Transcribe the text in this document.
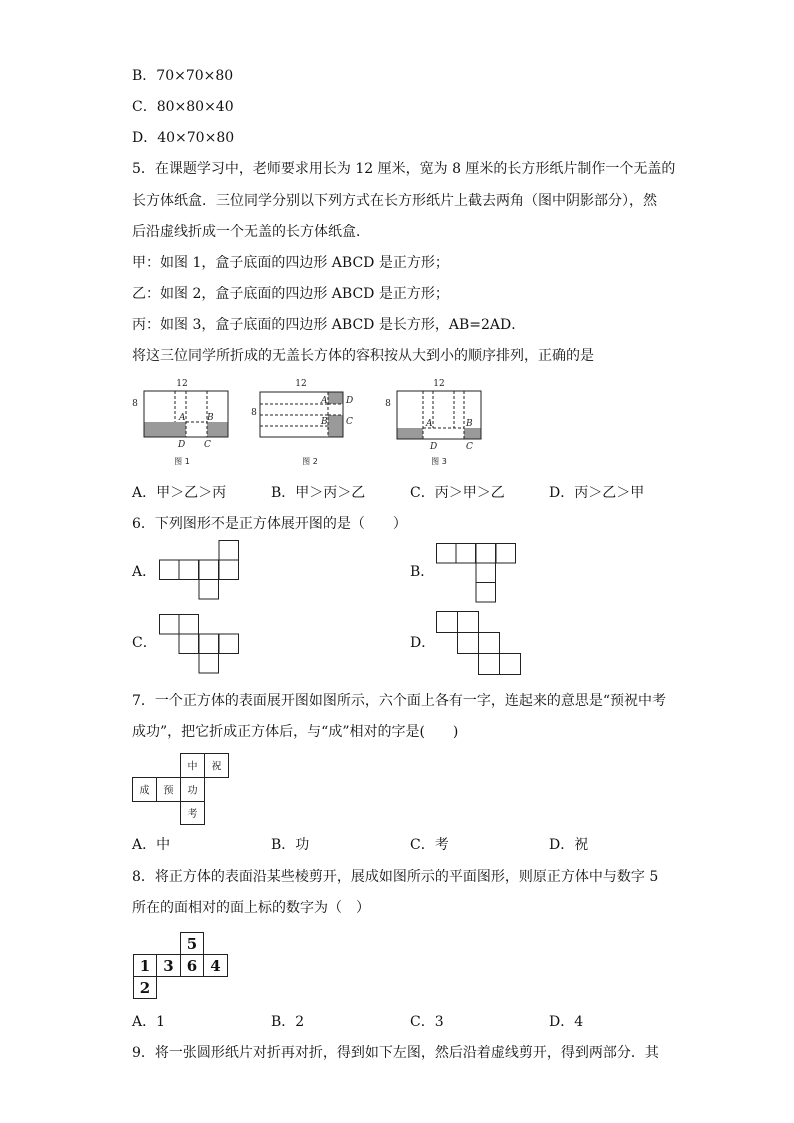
B．70×70×80
C．80×80×40
D．40×70×80
5．在课题学习中，老师要求用长为 12 厘米，宽为 8 厘米的长方形纸片制作一个无盖的
长方体纸盒．三位同学分别以下列方式在长方形纸片上截去两角（图中阴影部分），然
后沿虚线折成一个无盖的长方体纸盒．
甲：如图 1，盒子底面的四边形 ABCD 是正方形；
乙：如图 2，盒子底面的四边形 ABCD 是正方形；
丙：如图 3，盒子底面的四边形 ABCD 是长方形，AB=2AD．
将这三位同学所折成的无盖长方体的容积按从大到小的顺序排列，正确的是
12
8
A B
D C
图 1
12
8
A D
B C
图 2
12
8
A	B
D	C
图 3
A．甲＞乙＞丙	B．甲＞丙＞乙	C．丙＞甲＞乙	D．丙＞乙＞甲
6．下列图形不是正方体展开图的是（　　）
A．	B．
C．	D．
7．一个正方体的表面展开图如图所示，六个面上各有一字，连起来的意思是“预祝中考
成功”，把它折成正方体后，与“成”相对的字是(　　)
中 祝
成 预 功
考
A．中	B．功	C．考	D．祝
8．将正方体的表面沿某些棱剪开，展成如图所示的平面图形，则原正方体中与数字 5
所在的面相对的面上标的数字为（　）
5
1 3 6 4
2
A．1	B．2	C．3	D．4
9．将一张圆形纸片对折再对折，得到如下左图，然后沿着虚线剪开，得到两部分．其
